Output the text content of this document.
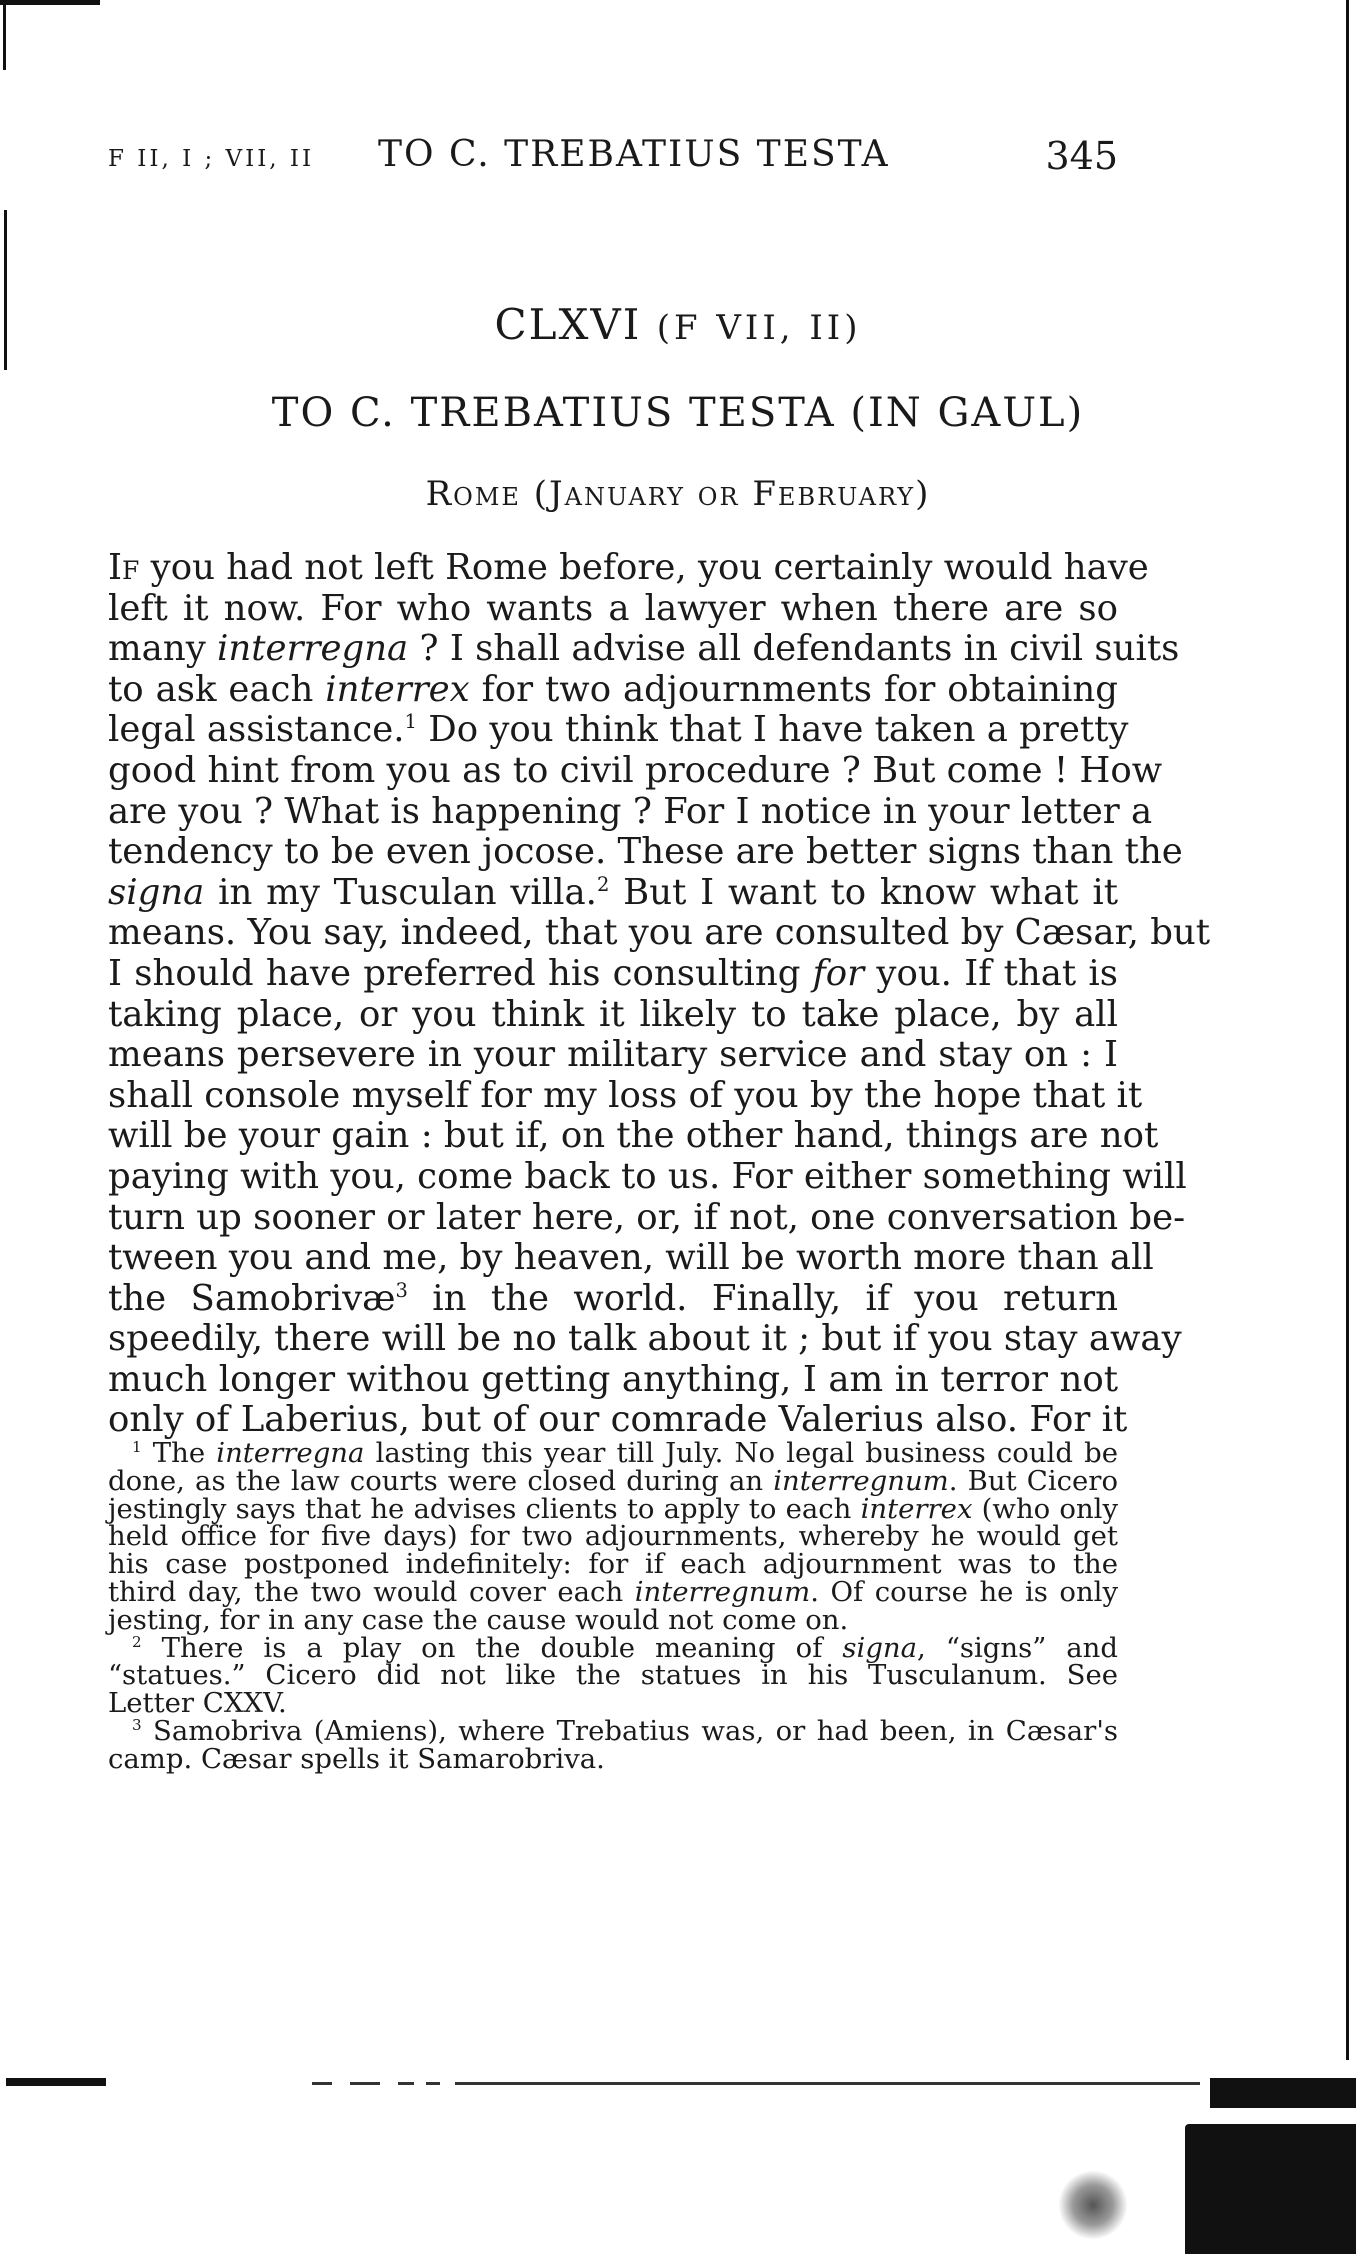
F II, I ; VII, II TO C. TREBATIUS TESTA	345
CLXVI (F VII, II)
TO C. TREBATIUS TESTA (IN GAUL)
Rome (January or February)
If you had not left Rome before, you certainly would have
left it now. For who wants a lawyer when there are so
many interregna ? I shall advise all defendants in civil suits
to ask each interrex for two adjournments for obtaining
legal assistance.$^1$ Do you think that I have taken a pretty
good hint from you as to civil procedure ? But come ! How
are you ? What is happening ? For I notice in your letter a
tendency to be even jocose. These are better signs than the
signa in my Tusculan villa.$^2$ But I want to know what it
means. You say, indeed, that you are consulted by Cæsar, but
I should have preferred his consulting for you. If that is
taking place, or you think it likely to take place, by all
means persevere in your military service and stay on : I
shall console myself for my loss of you by the hope that it
will be your gain : but if, on the other hand, things are not
paying with you, come back to us. For either something will
turn up sooner or later here, or, if not, one conversation be-
tween you and me, by heaven, will be worth more than all
the Samobrivæ$^3$ in the world. Finally, if you return
speedily, there will be no talk about it ; but if you stay away
much longer withou getting anything, I am in terror not
only of Laberius, but of our comrade Valerius also. For it
$^1$ The interregna lasting this year till July. No legal business could be
done, as the law courts were closed during an interregnum. But Cicero
jestingly says that he advises clients to apply to each interrex (who only
held office for five days) for two adjournments, whereby he would get
his case postponed indefinitely: for if each adjournment was to the
third day, the two would cover each interregnum. Of course he is only
jesting, for in any case the cause would not come on.
$^2$ There is a play on the double meaning of signa, “signs” and
“statues.” Cicero did not like the statues in his Tusculanum. See
Letter CXXV.
$^3$ Samobriva (Amiens), where Trebatius was, or had been, in Cæsar's
camp. Cæsar spells it Samarobriva.
